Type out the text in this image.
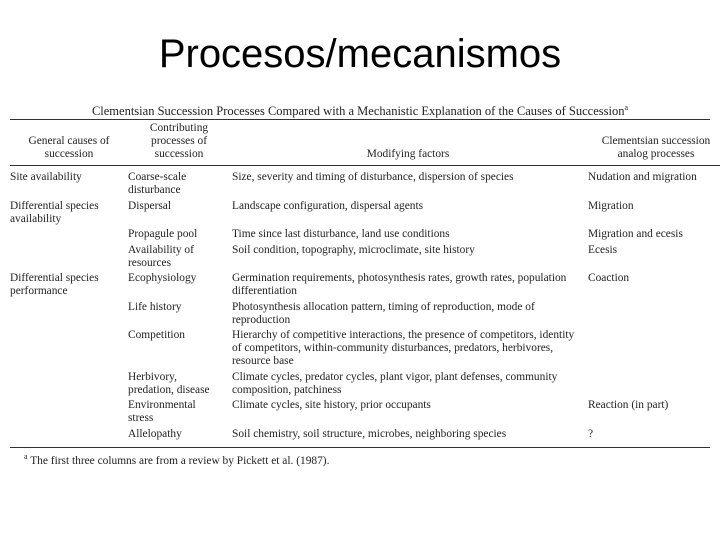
Procesos/mecanismos
Clementsian Succession Processes Compared with a Mechanistic Explanation of the Causes of Succession$^a$
General causes of succession	Contributing processes of succession	Modifying factors	Clementsian succession analog processes

Site availability	Coarse-scale disturbance	Size, severity and timing of disturbance, dispersion of species	Nudation and migration
Differential species availability	Dispersal	Landscape configuration, dispersal agents	Migration
	Propagule pool	Time since last disturbance, land use conditions	Migration and ecesis
	Availability of resources	Soil condition, topography, microclimate, site history	Ecesis
Differential species performance	Ecophysiology	Germination requirements, photosynthesis rates, growth rates, population differentiation	Coaction
	Life history	Photosynthesis allocation pattern, timing of reproduction, mode of reproduction	
	Competition	Hierarchy of competitive interactions, the presence of competitors, identity of competitors, within-community disturbances, predators, herbivores, resource base	
	Herbivory, predation, disease	Climate cycles, predator cycles, plant vigor, plant defenses, community composition, patchiness	
	Environmental stress	Climate cycles, site history, prior occupants	Reaction (in part)
	Allelopathy	Soil chemistry, soil structure, microbes, neighboring species	?
$^a$ The first three columns are from a review by Pickett et al. (1987).
